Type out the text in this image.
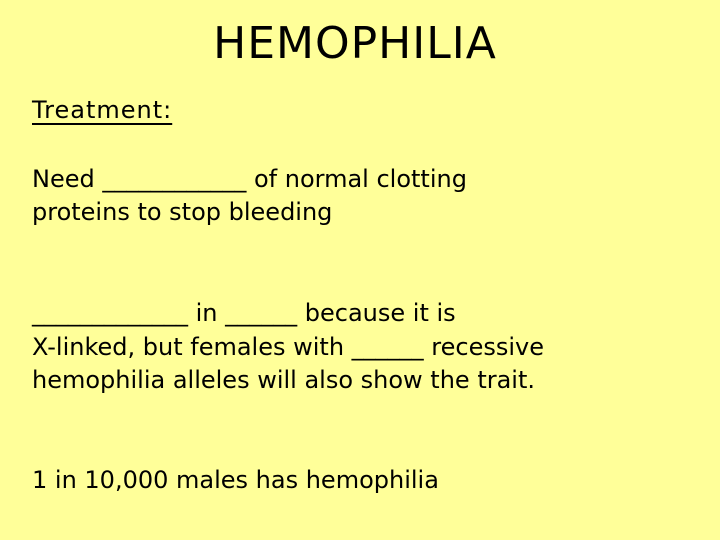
HEMOPHILIA
Treatment:
Need ____________ of normal clotting
proteins to stop bleeding
_____________ in ______ because it is
X-linked, but females with ______ recessive
hemophilia alleles will also show the trait.
1 in 10,000 males has hemophilia
